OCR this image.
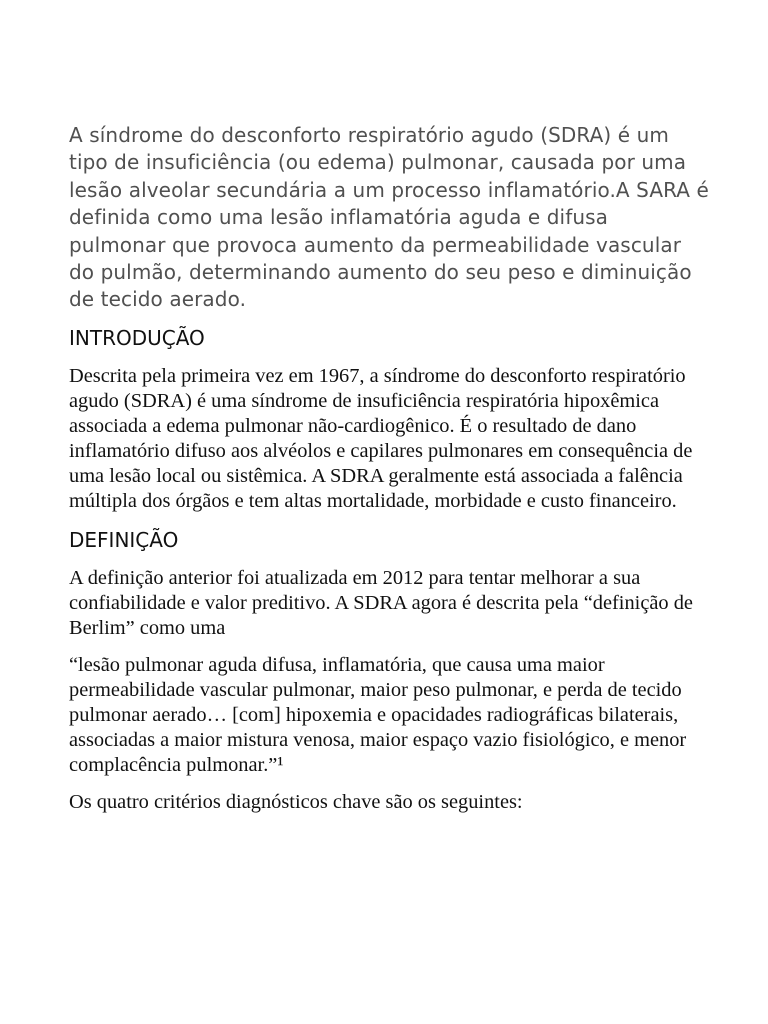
A síndrome do desconforto respiratório agudo (SDRA) é um tipo de insuficiência (ou edema) pulmonar, causada por uma lesão alveolar secundária a um processo inflamatório.A SARA é definida como uma lesão inflamatória aguda e difusa pulmonar que provoca aumento da permeabilidade vascular do pulmão, determinando aumento do seu peso e diminuição de tecido aerado.

INTRODUÇÃO

Descrita pela primeira vez em 1967, a síndrome do desconforto respiratório agudo (SDRA) é uma síndrome de insuficiência respiratória hipoxêmica associada a edema pulmonar não-cardiogênico. É o resultado de dano inflamatório difuso aos alvéolos e capilares pulmonares em consequência de uma lesão local ou sistêmica. A SDRA geralmente está associada a falência múltipla dos órgãos e tem altas mortalidade, morbidade e custo financeiro.

DEFINIÇÃO

A definição anterior foi atualizada em 2012 para tentar melhorar a sua confiabilidade e valor preditivo. A SDRA agora é descrita pela “definição de Berlim” como uma

“lesão pulmonar aguda difusa, inflamatória, que causa uma maior permeabilidade vascular pulmonar, maior peso pulmonar, e perda de tecido pulmonar aerado… [com] hipoxemia e opacidades radiográficas bilaterais, associadas a maior mistura venosa, maior espaço vazio fisiológico, e menor complacência pulmonar.”¹

Os quatro critérios diagnósticos chave são os seguintes:
